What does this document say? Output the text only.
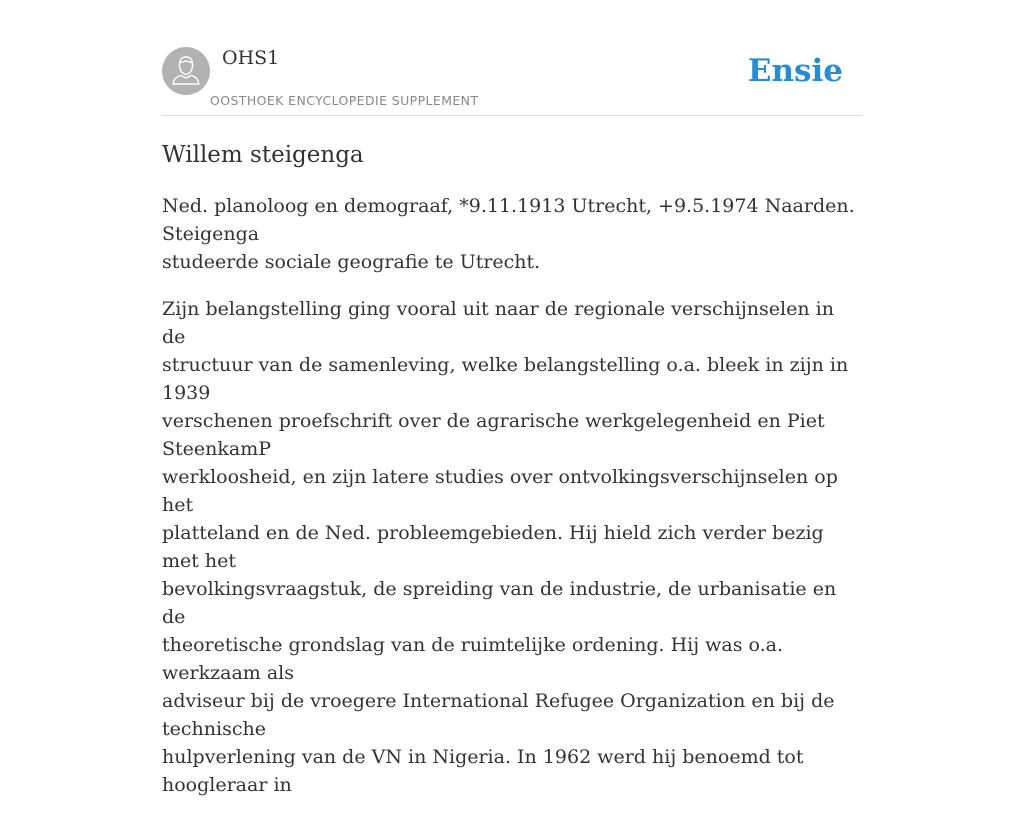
OHS1
OOSTHOEK ENCYCLOPEDIE SUPPLEMENT
Ensie
Willem steigenga

Ned. planoloog en demograaf, *9.11.1913 Utrecht, +9.5.1974 Naarden. Steigenga
studeerde sociale geografie te Utrecht.

Zijn belangstelling ging vooral uit naar de regionale verschijnselen in de
structuur van de samenleving, welke belangstelling o.a. bleek in zijn in 1939
verschenen proefschrift over de agrarische werkgelegenheid en Piet SteenkamP
werkloosheid, en zijn latere studies over ontvolkingsverschijnselen op het
platteland en de Ned. probleemgebieden. Hij hield zich verder bezig met het
bevolkingsvraagstuk, de spreiding van de industrie, de urbanisatie en de
theoretische grondslag van de ruimtelijke ordening. Hij was o.a. werkzaam als
adviseur bij de vroegere International Refugee Organization en bij de technische
hulpverlening van de VN in Nigeria. In 1962 werd hij benoemd tot hoogleraar in
